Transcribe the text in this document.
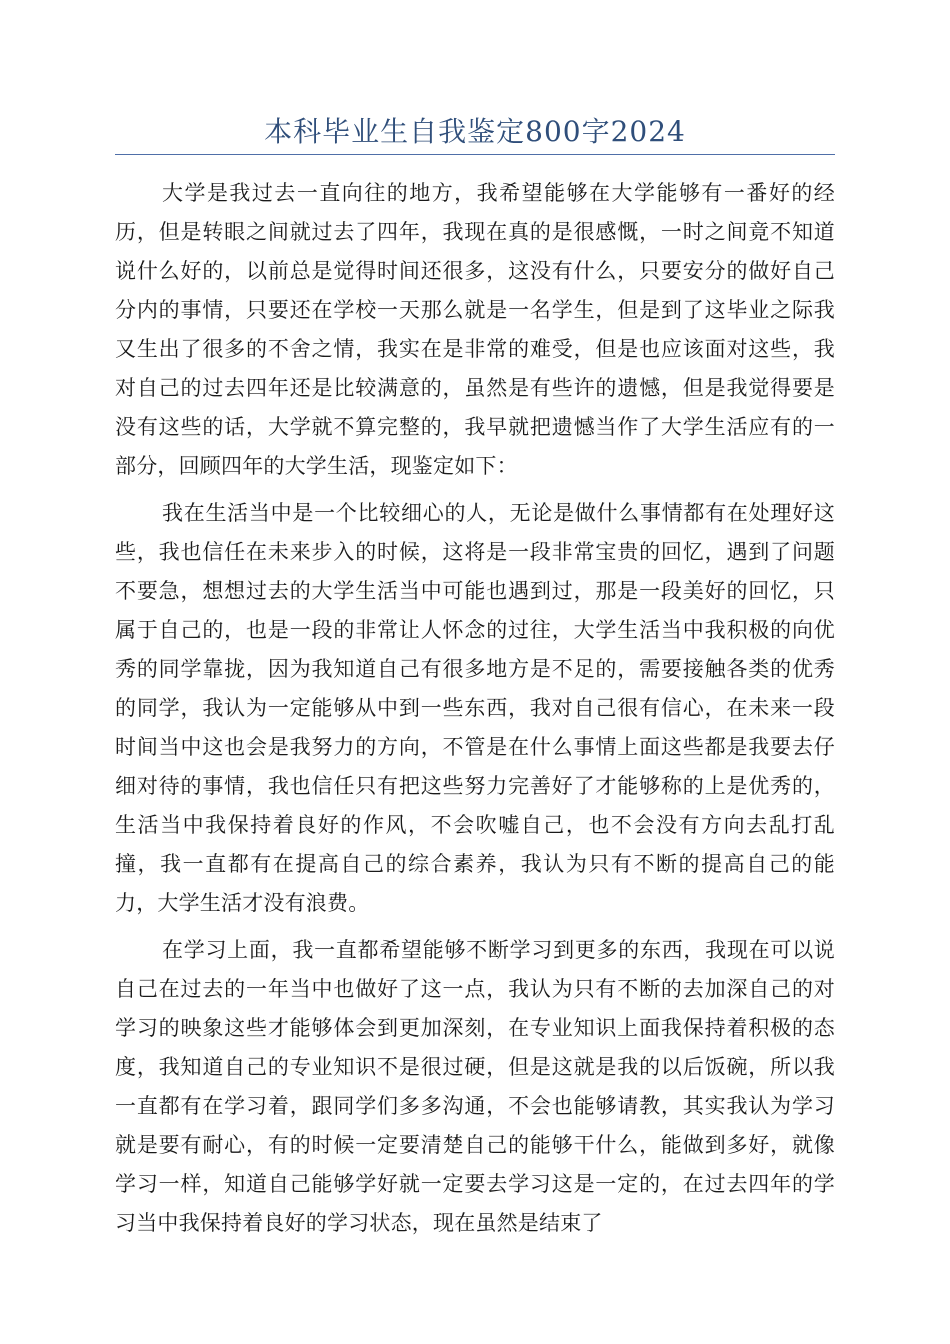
本科毕业生自我鉴定800字2024

大学是我过去一直向往的地方，我希望能够在大学能够有一番好的经历，但是转眼之间就过去了四年，我现在真的是很感慨，一时之间竟不知道说什么好的，以前总是觉得时间还很多，这没有什么，只要安分的做好自己分内的事情，只要还在学校一天那么就是一名学生，但是到了这毕业之际我又生出了很多的不舍之情，我实在是非常的难受，但是也应该面对这些，我对自己的过去四年还是比较满意的，虽然是有些许的遗憾，但是我觉得要是没有这些的话，大学就不算完整的，我早就把遗憾当作了大学生活应有的一部分，回顾四年的大学生活，现鉴定如下：

我在生活当中是一个比较细心的人，无论是做什么事情都有在处理好这些，我也信任在未来步入的时候，这将是一段非常宝贵的回忆，遇到了问题不要急，想想过去的大学生活当中可能也遇到过，那是一段美好的回忆，只属于自己的，也是一段的非常让人怀念的过往，大学生活当中我积极的向优秀的同学靠拢，因为我知道自己有很多地方是不足的，需要接触各类的优秀的同学，我认为一定能够从中到一些东西，我对自己很有信心，在未来一段时间当中这也会是我努力的方向，不管是在什么事情上面这些都是我要去仔细对待的事情，我也信任只有把这些努力完善好了才能够称的上是优秀的，生活当中我保持着良好的作风，不会吹嘘自己，也不会没有方向去乱打乱撞，我一直都有在提高自己的综合素养，我认为只有不断的提高自己的能力，大学生活才没有浪费。

在学习上面，我一直都希望能够不断学习到更多的东西，我现在可以说自己在过去的一年当中也做好了这一点，我认为只有不断的去加深自己的对学习的映象这些才能够体会到更加深刻，在专业知识上面我保持着积极的态度，我知道自己的专业知识不是很过硬，但是这就是我的以后饭碗，所以我一直都有在学习着，跟同学们多多沟通，不会也能够请教，其实我认为学习就是要有耐心，有的时候一定要清楚自己的能够干什么，能做到多好，就像学习一样，知道自己能够学好就一定要去学习这是一定的，在过去四年的学习当中我保持着良好的学习状态，现在虽然是结束了
